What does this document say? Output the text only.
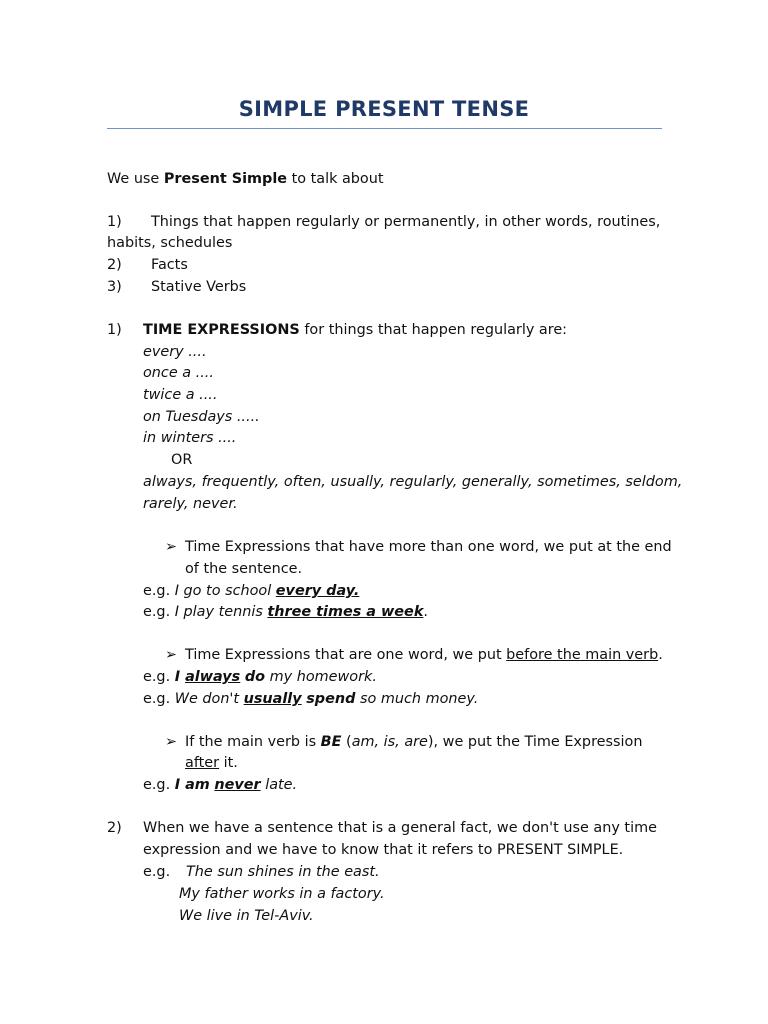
SIMPLE PRESENT TENSE
We use Present Simple to talk about
1) Things that happen regularly or permanently, in other words, routines,
habits, schedules
2) Facts
3) Stative Verbs
1) TIME EXPRESSIONS for things that happen regularly are:
every ....
once a ....
twice a ....
on Tuesdays .....
in winters ....
OR
always, frequently, often, usually, regularly, generally, sometimes, seldom,
rarely, never.
➢ Time Expressions that have more than one word, we put at the end
of the sentence.
e.g. I go to school every day.
e.g. I play tennis three times a week.
➢ Time Expressions that are one word, we put before the main verb.
e.g. I always do my homework.
e.g. We don't usually spend so much money.
➢ If the main verb is BE (am, is, are), we put the Time Expression
after it.
e.g. I am never late.
2) When we have a sentence that is a general fact, we don't use any time
expression and we have to know that it refers to PRESENT SIMPLE.
e.g. The sun shines in the east.
My father works in a factory.
We live in Tel-Aviv.
